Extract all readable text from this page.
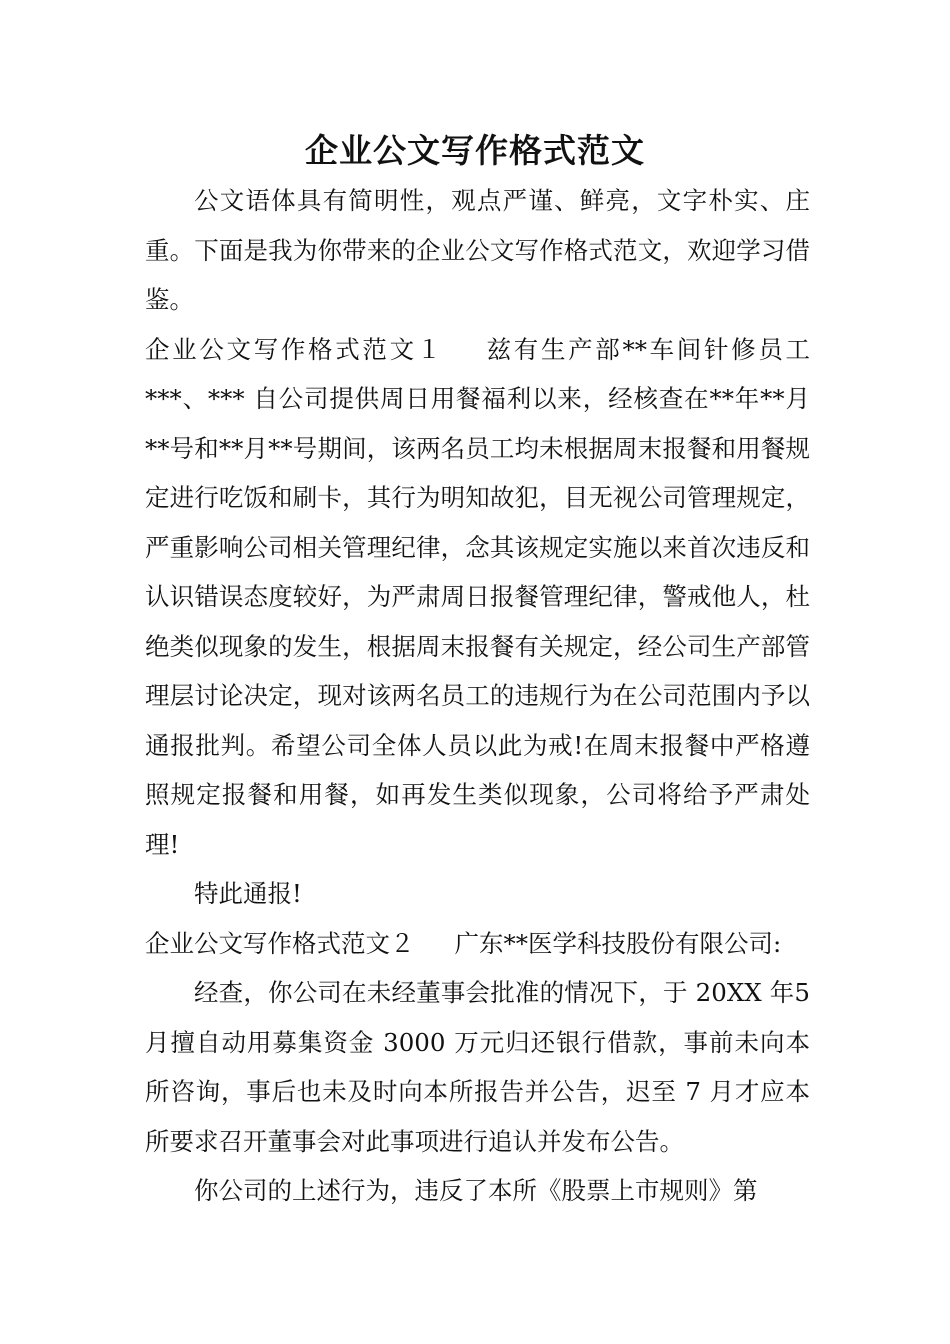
企业公文写作格式范文

公文语体具有简明性，观点严谨、鲜亮，文字朴实、庄重。下面是我为你带来的企业公文写作格式范文，欢迎学习借鉴。

企业公文写作格式范文１ 兹有生产部**车间针修员工 ***、*** 自公司提供周日用餐福利以来，经核查在**年**月**号和**月**号期间，该两名员工均未根据周末报餐和用餐规定进行吃饭和刷卡，其行为明知故犯，目无视公司管理规定，严重影响公司相关管理纪律，念其该规定实施以来首次违反和认识错误态度较好，为严肃周日报餐管理纪律，警戒他人，杜绝类似现象的发生，根据周末报餐有关规定，经公司生产部管理层讨论决定，现对该两名员工的违规行为在公司范围内予以通报批判。希望公司全体人员以此为戒!在周末报餐中严格遵照规定报餐和用餐，如再发生类似现象，公司将给予严肃处理!

特此通报!

企业公文写作格式范文２ 广东**医学科技股份有限公司:

经查，你公司在未经董事会批准的情况下，于 20XX 年5月擅自动用募集资金 3000 万元归还银行借款，事前未向本所咨询，事后也未及时向本所报告并公告，迟至 7 月才应本所要求召开董事会对此事项进行追认并发布公告。

你公司的上述行为，违反了本所《股票上市规则》第
